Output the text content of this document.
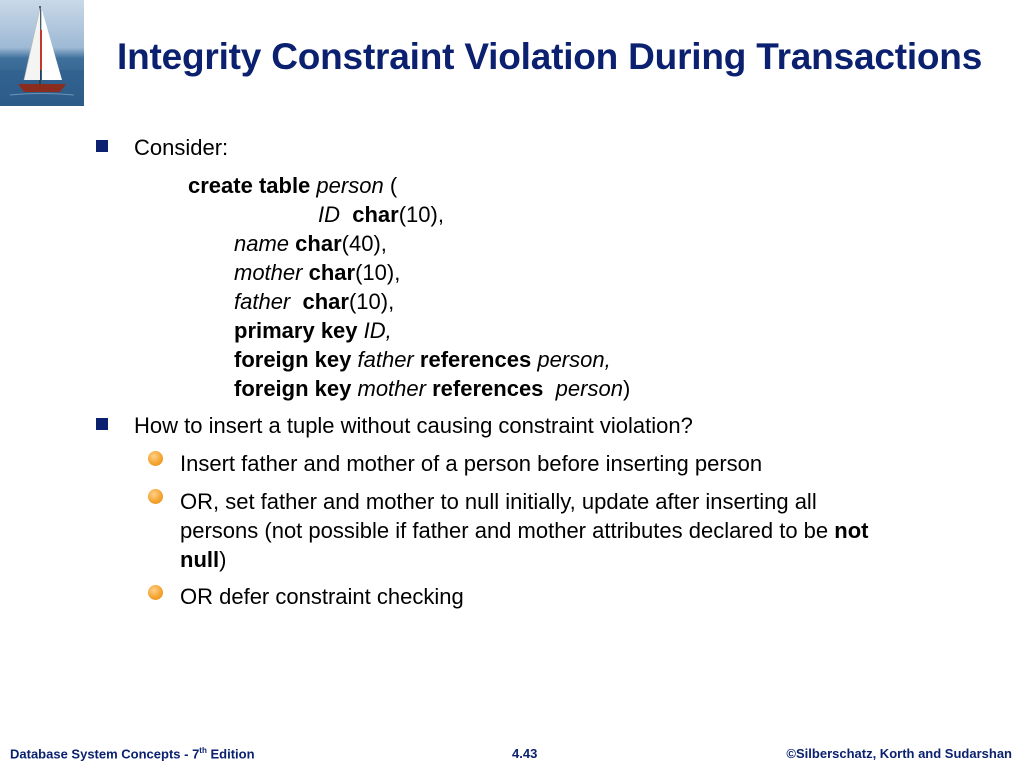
Integrity Constraint Violation During Transactions
Consider:
create table person (
ID char(10),
name char(40),
mother char(10),
father char(10),
primary key ID,
foreign key father references person,
foreign key mother references person)
How to insert a tuple without causing constraint violation?
Insert father and mother of a person before inserting person
OR, set father and mother to null initially, update after inserting all
persons (not possible if father and mother attributes declared to be not
null)
OR defer constraint checking
Database System Concepts - 7th Edition	4.43	©Silberschatz, Korth and Sudarshan
